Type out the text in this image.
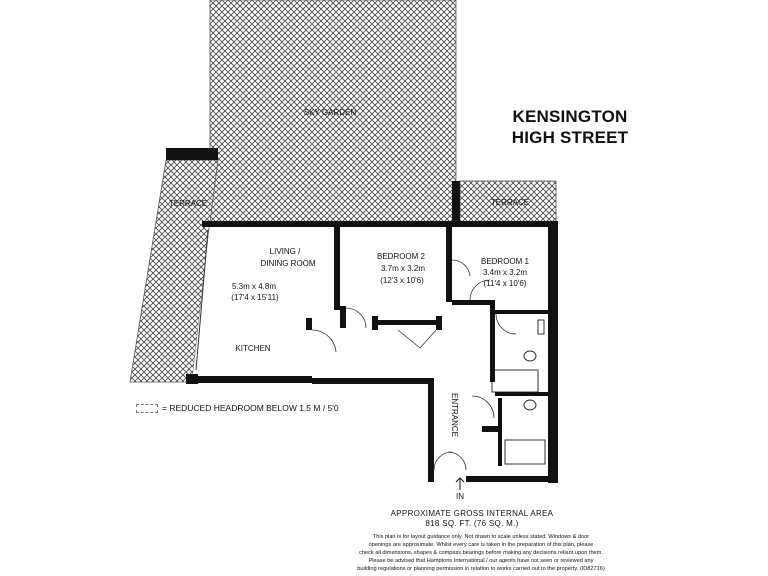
SKY GARDEN
TERRACE	TERRACE
LIVING /
DINING ROOM
5.3m x 4.8m
(17'4 x 15'11)
KITCHEN
BEDROOM 2
3.7m x 3.2m
(12'3 x 10'6)
BEDROOM 1
3.4m x 3.2m
(11'4 x 10'6)
ENTRANCE
IN
KENSINGTON
HIGH STREET
= REDUCED HEADROOM BELOW 1.5 M / 5'0
APPROXIMATE GROSS INTERNAL AREA
818 SQ. FT. (76 SQ. M.)
This plan is for layout guidance only. Not drawn to scale unless stated. Windows & door
openings are approximate. Whilst every care is taken in the preparation of this plan, please
check all dimensions, shapes & compass bearings before making any decisions reliant upon them.
Please be advised that Hamptons International / our agents have not seen or reviewed any
building regulations or planning permission in relation to works carried out to the property. (ID82716)
